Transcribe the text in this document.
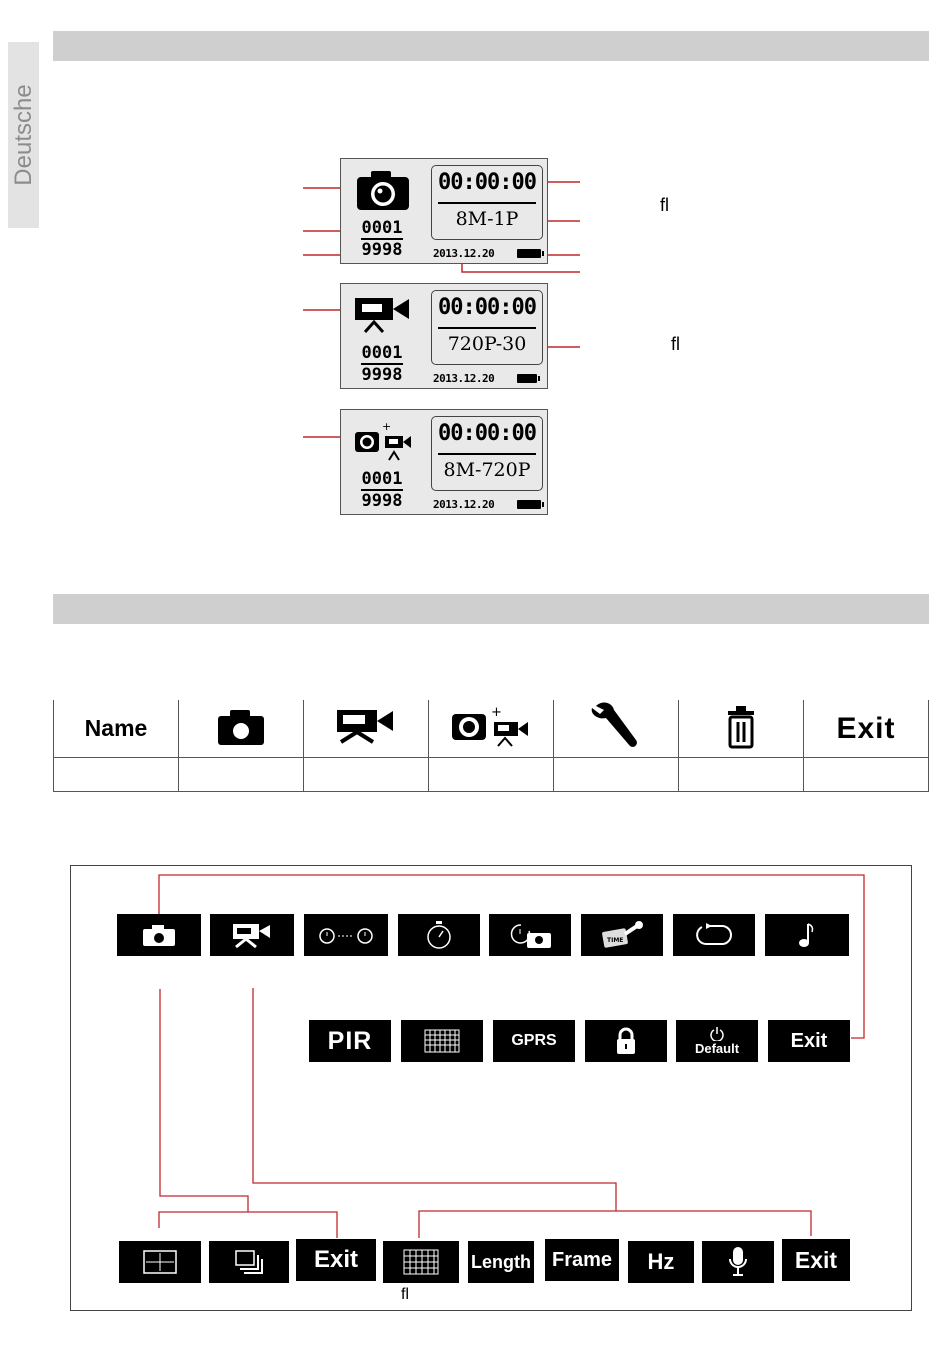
Deutsche
ﬂ
ﬂ
0001
9998
00:00:00
8M-1P
2013.12.20
0001
9998
00:00:00
720P-30
2013.12.20
+
0001
9998
00:00:00
8M-720P
2013.12.20
Name			+			Exit

TIME
PIR	GPRS	Default	Exit
Exit	Length	Frame	Hz	Exit
ﬂ
